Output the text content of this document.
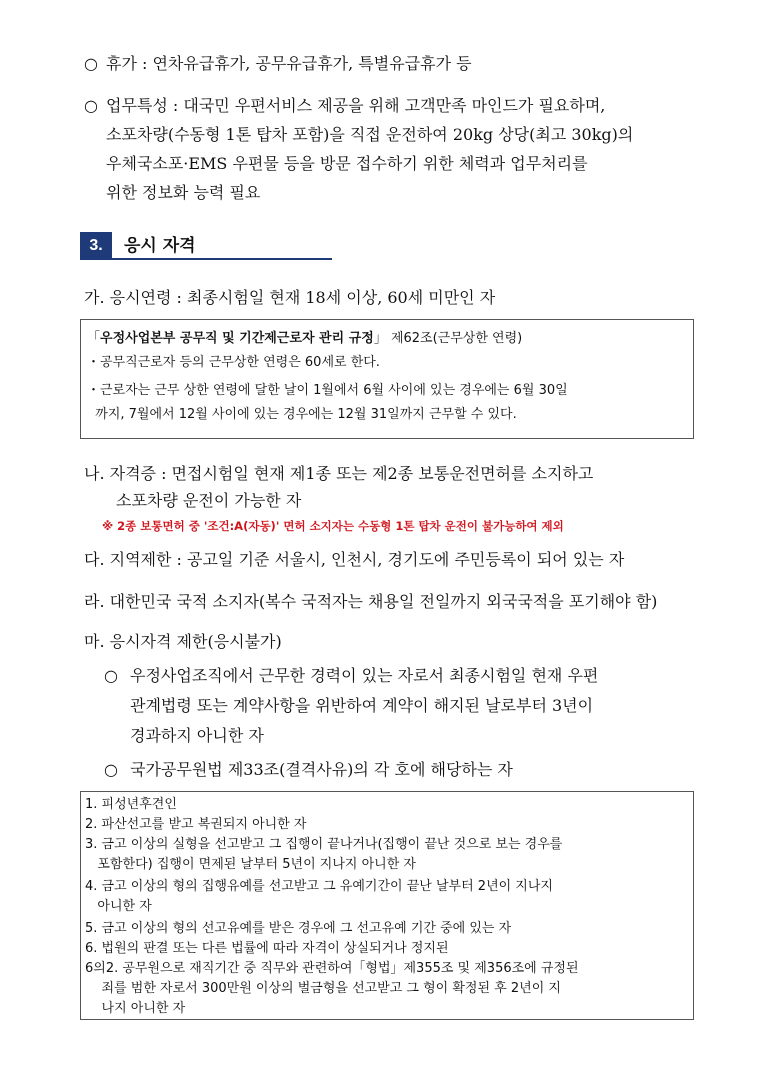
○ 휴가 : 연차유급휴가, 공무유급휴가, 특별유급휴가 등
○ 업무특성 : 대국민 우편서비스 제공을 위해 고객만족 마인드가 필요하며,
소포차량(수동형 1톤 탑차 포함)을 직접 운전하여 20kg 상당(최고 30kg)의
우체국소포·EMS 우편물 등을 방문 접수하기 위한 체력과 업무처리를
위한 정보화 능력 필요
3.	응시 자격
가. 응시연령 : 최종시험일 현재 18세 이상, 60세 미만인 자
「우정사업본부 공무직 및 기간제근로자 관리 규정」 제62조(근무상한 연령)
・공무직근로자 등의 근무상한 연령은 60세로 한다.
・근로자는 근무 상한 연령에 달한 날이 1월에서 6월 사이에 있는 경우에는 6월 30일
까지, 7월에서 12월 사이에 있는 경우에는 12월 31일까지 근무할 수 있다.
나. 자격증 : 면접시험일 현재 제1종 또는 제2종 보통운전면허를 소지하고
소포차량 운전이 가능한 자
※ 2종 보통면허 중 '조건:A(자동)' 면허 소지자는 수동형 1톤 탑차 운전이 불가능하여 제외
다. 지역제한 : 공고일 기준 서울시, 인천시, 경기도에 주민등록이 되어 있는 자
라. 대한민국 국적 소지자(복수 국적자는 채용일 전일까지 외국국적을 포기해야 함)
마. 응시자격 제한(응시불가)
○ 우정사업조직에서 근무한 경력이 있는 자로서 최종시험일 현재 우편
관계법령 또는 계약사항을 위반하여 계약이 해지된 날로부터 3년이
경과하지 아니한 자
○ 국가공무원법 제33조(결격사유)의 각 호에 해당하는 자
1. 피성년후견인
2. 파산선고를 받고 복권되지 아니한 자
3. 금고 이상의 실형을 선고받고 그 집행이 끝나거나(집행이 끝난 것으로 보는 경우를
포함한다) 집행이 면제된 날부터 5년이 지나지 아니한 자
4. 금고 이상의 형의 집행유예를 선고받고 그 유예기간이 끝난 날부터 2년이 지나지
아니한 자
5. 금고 이상의 형의 선고유예를 받은 경우에 그 선고유예 기간 중에 있는 자
6. 법원의 판결 또는 다른 법률에 따라 자격이 상실되거나 정지된
6의2. 공무원으로 재직기간 중 직무와 관련하여「형법」제355조 및 제356조에 규정된
죄를 범한 자로서 300만원 이상의 벌금형을 선고받고 그 형이 확정된 후 2년이 지
나지 아니한 자
